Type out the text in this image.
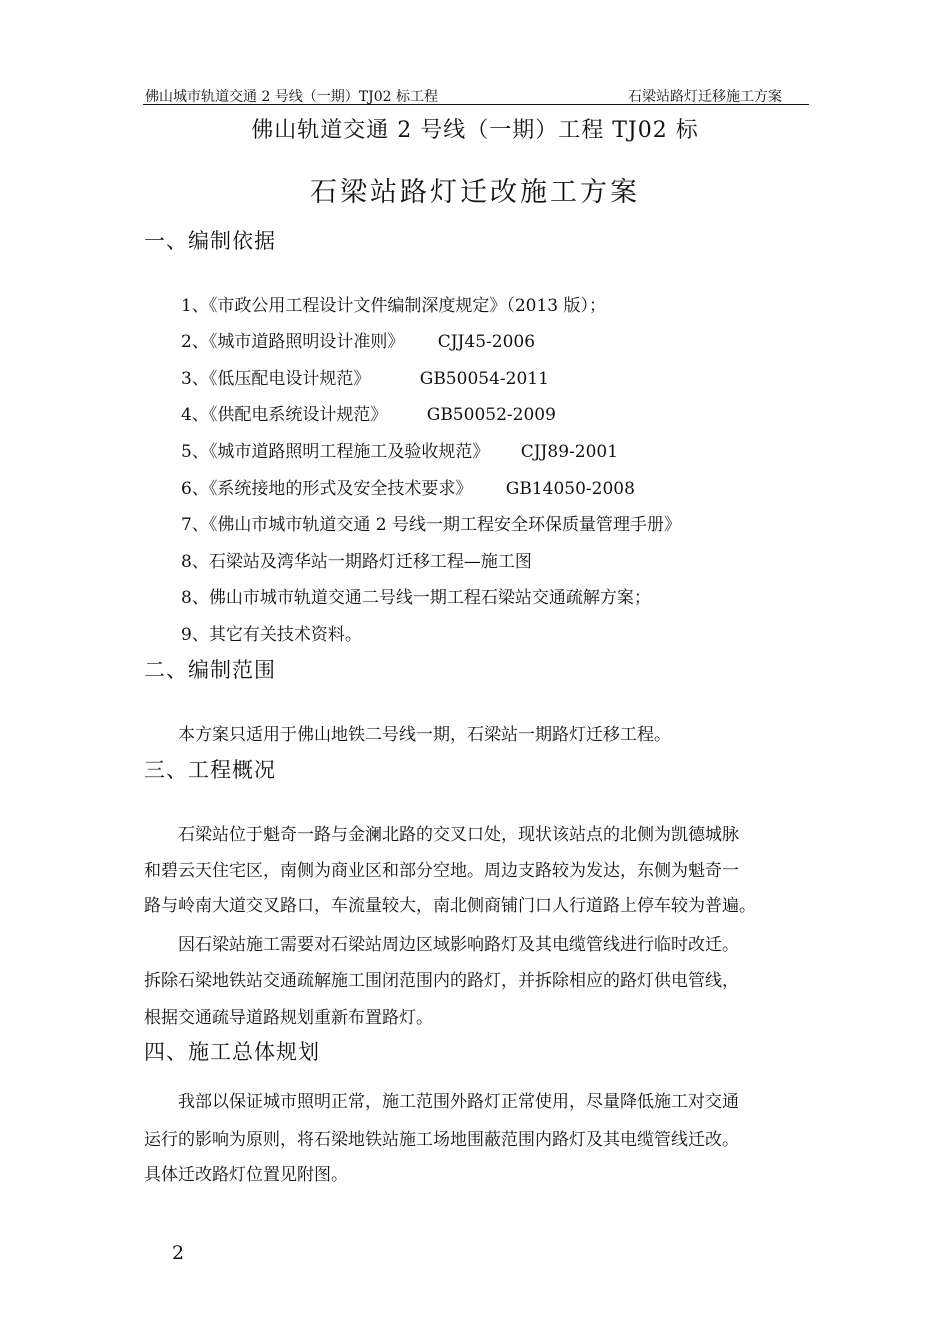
佛山城市轨道交通 2 号线（一期）TJ02 标工程	石梁站路灯迁移施工方案
佛山轨道交通 2 号线（一期）工程 TJ02 标
石梁站路灯迁改施工方案
一、编制依据
1、《市政公用工程设计文件编制深度规定》（2013 版）；
2、《城市道路照明设计准则》 CJJ45-2006
3、《低压配电设计规范》	GB50054-2011
4、《供配电系统设计规范》 GB50052-2009
5、《城市道路照明工程施工及验收规范》 CJJ89-2001
6、《系统接地的形式及安全技术要求》 GB14050-2008
7、《佛山市城市轨道交通 2 号线一期工程安全环保质量管理手册》
8、石梁站及湾华站一期路灯迁移工程—施工图
8、佛山市城市轨道交通二号线一期工程石梁站交通疏解方案；
9、其它有关技术资料。
二、编制范围
　　本方案只适用于佛山地铁二号线一期，石梁站一期路灯迁移工程。
三、工程概况
　　石梁站位于魁奇一路与金澜北路的交叉口处，现状该站点的北侧为凯德城脉
和碧云天住宅区，南侧为商业区和部分空地。周边支路较为发达，东侧为魁奇一
路与岭南大道交叉路口，车流量较大，南北侧商铺门口人行道路上停车较为普遍。
　　因石梁站施工需要对石梁站周边区域影响路灯及其电缆管线进行临时改迁。
拆除石梁地铁站交通疏解施工围闭范围内的路灯，并拆除相应的路灯供电管线，
根据交通疏导道路规划重新布置路灯。
四、施工总体规划
　　我部以保证城市照明正常，施工范围外路灯正常使用，尽量降低施工对交通
运行的影响为原则，将石梁地铁站施工场地围蔽范围内路灯及其电缆管线迁改。
具体迁改路灯位置见附图。
2
